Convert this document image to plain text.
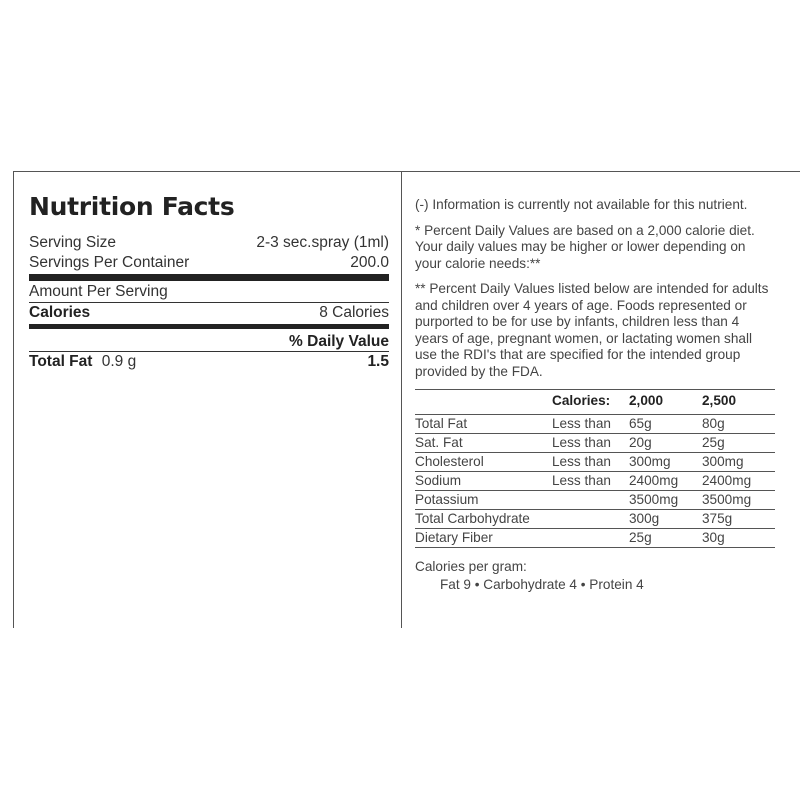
Nutrition Facts
Serving Size	2-3 sec.spray (1ml)
Servings Per Container	200.0
Amount Per Serving
Calories	8 Calories
% Daily Value
Total Fat 0.9 g	1.5

(-) Information is currently not available for this nutrient.

* Percent Daily Values are based on a 2,000 calorie diet. Your daily values may be higher or lower depending on your calorie needs:**

** Percent Daily Values listed below are intended for adults and children over 4 years of age. Foods represented or purported to be for use by infants, children less than 4 years of age, pregnant women, or lactating women shall use the RDI's that are specified for the intended group provided by the FDA.

	Calories:	2,000	2,500
Total Fat	Less than	65g	80g
Sat. Fat	Less than	20g	25g
Cholesterol	Less than	300mg	300mg
Sodium	Less than	2400mg	2400mg
Potassium		3500mg	3500mg
Total Carbohydrate		300g	375g
Dietary Fiber		25g	30g
Calories per gram:
Fat 9 • Carbohydrate 4 • Protein 4
